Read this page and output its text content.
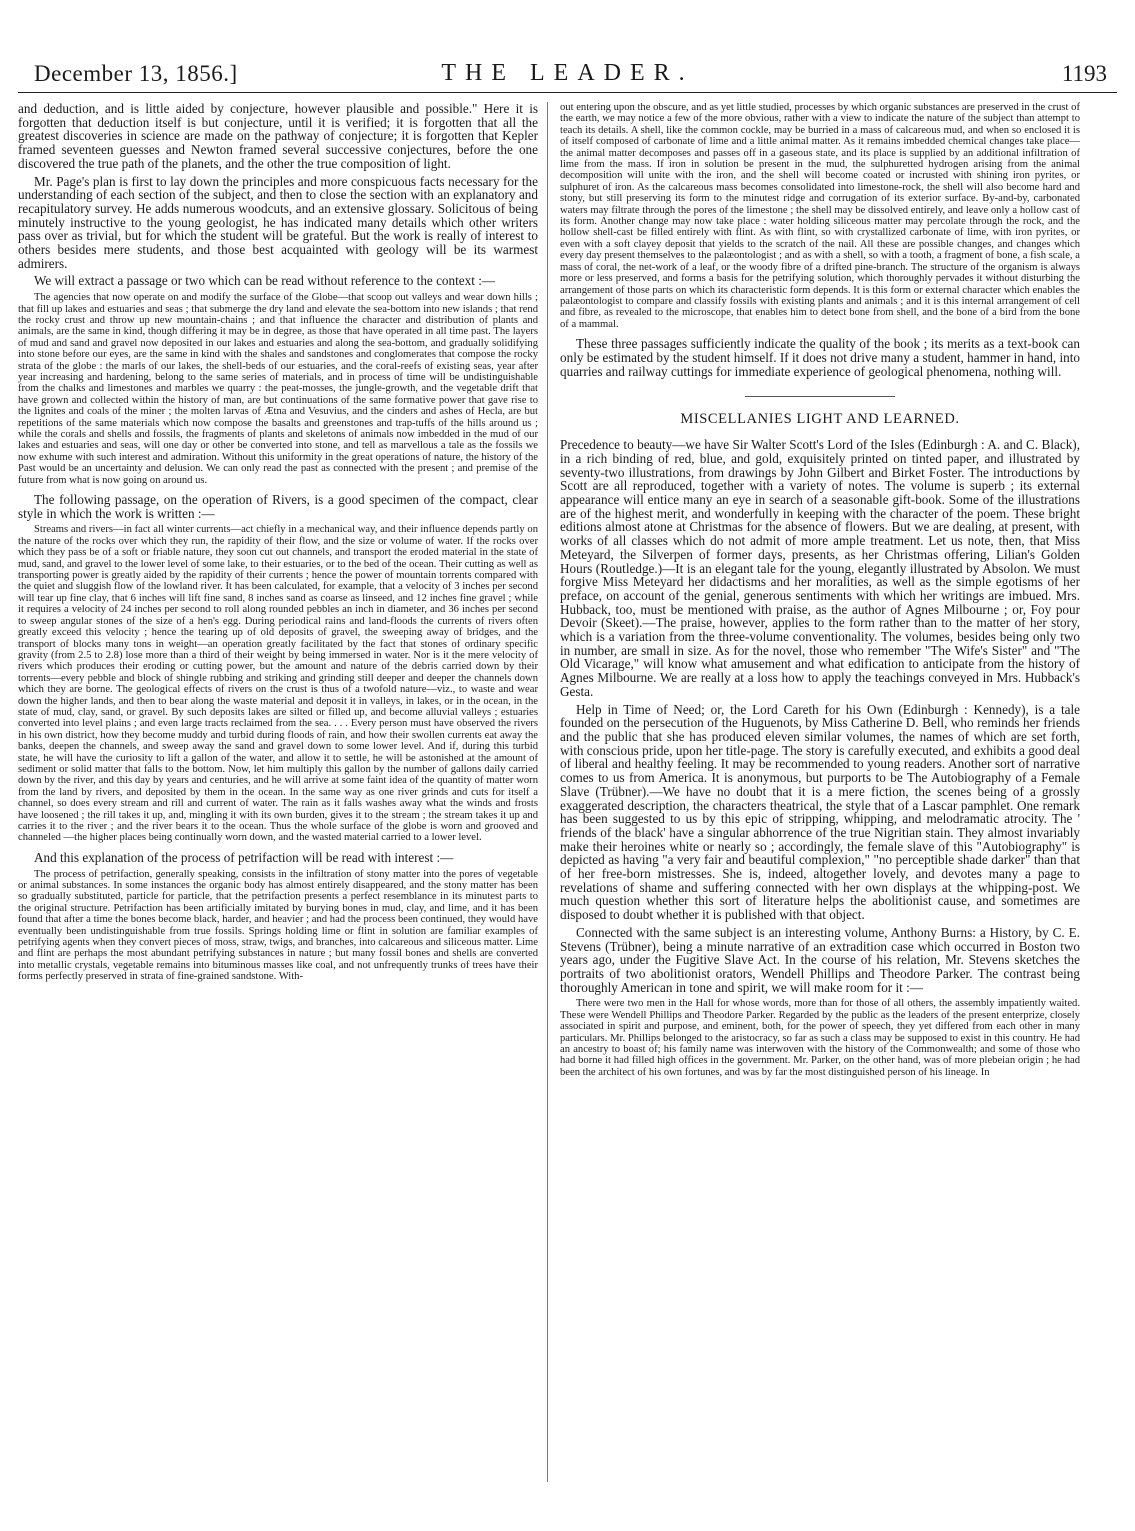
December 13, 1856.]	THE LEADER.	1193

and deduction, and is little aided by conjecture, however plausible and possible." Here it is forgotten that deduction itself is but conjecture, until it is verified; it is forgotten that all the greatest discoveries in science are made on the pathway of conjecture; it is forgotten that Kepler framed seventeen guesses and Newton framed several successive conjectures, before the one discovered the true path of the planets, and the other the true composition of light.

Mr. Page's plan is first to lay down the principles and more conspicuous facts necessary for the understanding of each section of the subject, and then to close the section with an explanatory and recapitulatory survey. He adds numerous woodcuts, and an extensive glossary. Solicitous of being minutely instructive to the young geologist, he has indicated many details which other writers pass over as trivial, but for which the student will be grateful. But the work is really of interest to others besides mere students, and those best acquainted with geology will be its warmest admirers.

We will extract a passage or two which can be read without reference to the context :—

The agencies that now operate on and modify the surface of the Globe—that scoop out valleys and wear down hills ; that fill up lakes and estuaries and seas ; that submerge the dry land and elevate the sea-bottom into new islands ; that rend the rocky crust and throw up new mountain-chains ; and that influence the character and distribution of plants and animals, are the same in kind, though differing it may be in degree, as those that have operated in all time past. The layers of mud and sand and gravel now deposited in our lakes and estuaries and along the sea-bottom, and gradually solidifying into stone before our eyes, are the same in kind with the shales and sandstones and conglomerates that compose the rocky strata of the globe : the marls of our lakes, the shell-beds of our estuaries, and the coral-reefs of existing seas, year after year increasing and hardening, belong to the same series of materials, and in process of time will be undistinguishable from the chalks and limestones and marbles we quarry : the peat-mosses, the jungle-growth, and the vegetable drift that have grown and collected within the history of man, are but continuations of the same formative power that gave rise to the lignites and coals of the miner ; the molten larvas of Ætna and Vesuvius, and the cinders and ashes of Hecla, are but repetitions of the same materials which now compose the basalts and greenstones and trap-tuffs of the hills around us ; while the corals and shells and fossils, the fragments of plants and skeletons of animals now imbedded in the mud of our lakes and estuaries and seas, will one day or other be converted into stone, and tell as marvellous a tale as the fossils we now exhume with such interest and admiration. Without this uniformity in the great operations of nature, the history of the Past would be an uncertainty and delusion. We can only read the past as connected with the present ; and premise of the future from what is now going on around us.

The following passage, on the operation of Rivers, is a good specimen of the compact, clear style in which the work is written :—

Streams and rivers—in fact all winter currents—act chiefly in a mechanical way, and their influence depends partly on the nature of the rocks over which they run, the rapidity of their flow, and the size or volume of water. If the rocks over which they pass be of a soft or friable nature, they soon cut out channels, and transport the eroded material in the state of mud, sand, and gravel to the lower level of some lake, to their estuaries, or to the bed of the ocean. Their cutting as well as transporting power is greatly aided by the rapidity of their currents ; hence the power of mountain torrents compared with the quiet and sluggish flow of the lowland river. It has been calculated, for example, that a velocity of 3 inches per second will tear up fine clay, that 6 inches will lift fine sand, 8 inches sand as coarse as linseed, and 12 inches fine gravel ; while it requires a velocity of 24 inches per second to roll along rounded pebbles an inch in diameter, and 36 inches per second to sweep angular stones of the size of a hen's egg. During periodical rains and land-floods the currents of rivers often greatly exceed this velocity ; hence the tearing up of old deposits of gravel, the sweeping away of bridges, and the transport of blocks many tons in weight—an operation greatly facilitated by the fact that stones of ordinary specific gravity (from 2.5 to 2.8) lose more than a third of their weight by being immersed in water. Nor is it the mere velocity of rivers which produces their eroding or cutting power, but the amount and nature of the debris carried down by their torrents—every pebble and block of shingle rubbing and striking and grinding still deeper and deeper the channels down which they are borne. The geological effects of rivers on the crust is thus of a twofold nature—viz., to waste and wear down the higher lands, and then to bear along the waste material and deposit it in valleys, in lakes, or in the ocean, in the state of mud, clay, sand, or gravel. By such deposits lakes are silted or filled up, and become alluvial valleys ; estuaries converted into level plains ; and even large tracts reclaimed from the sea. . . . Every person must have observed the rivers in his own district, how they become muddy and turbid during floods of rain, and how their swollen currents eat away the banks, deepen the channels, and sweep away the sand and gravel down to some lower level. And if, during this turbid state, he will have the curiosity to lift a gallon of the water, and allow it to settle, he will be astonished at the amount of sediment or solid matter that falls to the bottom. Now, let him multiply this gallon by the number of gallons daily carried down by the river, and this day by years and centuries, and he will arrive at some faint idea of the quantity of matter worn from the land by rivers, and deposited by them in the ocean. In the same way as one river grinds and cuts for itself a channel, so does every stream and rill and current of water. The rain as it falls washes away what the winds and frosts have loosened ; the rill takes it up, and, mingling it with its own burden, gives it to the stream ; the stream takes it up and carries it to the river ; and the river bears it to the ocean. Thus the whole surface of the globe is worn and grooved and channeled —the higher places being continually worn down, and the wasted material carried to a lower level.

And this explanation of the process of petrifaction will be read with interest :—

The process of petrifaction, generally speaking, consists in the infiltration of stony matter into the pores of vegetable or animal substances. In some instances the organic body has almost entirely disappeared, and the stony matter has been so gradually substituted, particle for particle, that the petrifaction presents a perfect resemblance in its minutest parts to the original structure. Petrifaction has been artificially imitated by burying bones in mud, clay, and lime, and it has been found that after a time the bones become black, harder, and heavier ; and had the process been continued, they would have eventually been undistinguishable from true fossils. Springs holding lime or flint in solution are familiar examples of petrifying agents when they convert pieces of moss, straw, twigs, and branches, into calcareous and siliceous matter. Lime and flint are perhaps the most abundant petrifying substances in nature ; but many fossil bones and shells are converted into metallic crystals, vegetable remains into bituminous masses like coal, and not unfrequently trunks of trees have their forms perfectly preserved in strata of fine-grained sandstone. With-

out entering upon the obscure, and as yet little studied, processes by which organic substances are preserved in the crust of the earth, we may notice a few of the more obvious, rather with a view to indicate the nature of the subject than attempt to teach its details. A shell, like the common cockle, may be burried in a mass of calcareous mud, and when so enclosed it is of itself composed of carbonate of lime and a little animal matter. As it remains imbedded chemical changes take place—the animal matter decomposes and passes off in a gaseous state, and its place is supplied by an additional infiltration of lime from the mass. If iron in solution be present in the mud, the sulphuretted hydrogen arising from the animal decomposition will unite with the iron, and the shell will become coated or incrusted with shining iron pyrites, or sulphuret of iron. As the calcareous mass becomes consolidated into limestone-rock, the shell will also become hard and stony, but still preserving its form to the minutest ridge and corrugation of its exterior surface. By-and-by, carbonated waters may filtrate through the pores of the limestone ; the shell may be dissolved entirely, and leave only a hollow cast of its form. Another change may now take place : water holding siliceous matter may percolate through the rock, and the hollow shell-cast be filled entirely with flint. As with flint, so with crystallized carbonate of lime, with iron pyrites, or even with a soft clayey deposit that yields to the scratch of the nail. All these are possible changes, and changes which every day present themselves to the palæontologist ; and as with a shell, so with a tooth, a fragment of bone, a fish scale, a mass of coral, the net-work of a leaf, or the woody fibre of a drifted pine-branch. The structure of the organism is always more or less preserved, and forms a basis for the petrifying solution, which thoroughly pervades it without disturbing the arrangement of those parts on which its characteristic form depends. It is this form or external character which enables the palæontologist to compare and classify fossils with existing plants and animals ; and it is this internal arrangement of cell and fibre, as revealed to the microscope, that enables him to detect bone from shell, and the bone of a bird from the bone of a mammal.

These three passages sufficiently indicate the quality of the book ; its merits as a text-book can only be estimated by the student himself. If it does not drive many a student, hammer in hand, into quarries and railway cuttings for immediate experience of geological phenomena, nothing will.

MISCELLANIES LIGHT AND LEARNED.

Precedence to beauty—we have Sir Walter Scott's Lord of the Isles (Edinburgh : A. and C. Black), in a rich binding of red, blue, and gold, exquisitely printed on tinted paper, and illustrated by seventy-two illustrations, from drawings by John Gilbert and Birket Foster. The introductions by Scott are all reproduced, together with a variety of notes. The volume is superb ; its external appearance will entice many an eye in search of a seasonable gift-book. Some of the illustrations are of the highest merit, and wonderfully in keeping with the character of the poem. These bright editions almost atone at Christmas for the absence of flowers. But we are dealing, at present, with works of all classes which do not admit of more ample treatment. Let us note, then, that Miss Meteyard, the Silverpen of former days, presents, as her Christmas offering, Lilian's Golden Hours (Routledge.)—It is an elegant tale for the young, elegantly illustrated by Absolon. We must forgive Miss Meteyard her didactisms and her moralities, as well as the simple egotisms of her preface, on account of the genial, generous sentiments with which her writings are imbued. Mrs. Hubback, too, must be mentioned with praise, as the author of Agnes Milbourne ; or, Foy pour Devoir (Skeet).—The praise, however, applies to the form rather than to the matter of her story, which is a variation from the three-volume conventionality. The volumes, besides being only two in number, are small in size. As for the novel, those who remember "The Wife's Sister" and "The Old Vicarage," will know what amusement and what edification to anticipate from the history of Agnes Milbourne. We are really at a loss how to apply the teachings conveyed in Mrs. Hubback's Gesta.

Help in Time of Need; or, the Lord Careth for his Own (Edinburgh : Kennedy), is a tale founded on the persecution of the Huguenots, by Miss Catherine D. Bell, who reminds her friends and the public that she has produced eleven similar volumes, the names of which are set forth, with conscious pride, upon her title-page. The story is carefully executed, and exhibits a good deal of liberal and healthy feeling. It may be recommended to young readers. Another sort of narrative comes to us from America. It is anonymous, but purports to be The Autobiography of a Female Slave (Trübner).—We have no doubt that it is a mere fiction, the scenes being of a grossly exaggerated description, the characters theatrical, the style that of a Lascar pamphlet. One remark has been suggested to us by this epic of stripping, whipping, and melodramatic atrocity. The ' friends of the black' have a singular abhorrence of the true Nigritian stain. They almost invariably make their heroines white or nearly so ; accordingly, the female slave of this "Autobiography" is depicted as having "a very fair and beautiful complexion," "no perceptible shade darker" than that of her free-born mistresses. She is, indeed, altogether lovely, and devotes many a page to revelations of shame and suffering connected with her own displays at the whipping-post. We much question whether this sort of literature helps the abolitionist cause, and sometimes are disposed to doubt whether it is published with that object.

Connected with the same subject is an interesting volume, Anthony Burns: a History, by C. E. Stevens (Trübner), being a minute narrative of an extradition case which occurred in Boston two years ago, under the Fugitive Slave Act. In the course of his relation, Mr. Stevens sketches the portraits of two abolitionist orators, Wendell Phillips and Theodore Parker. The contrast being thoroughly American in tone and spirit, we will make room for it :—

There were two men in the Hall for whose words, more than for those of all others, the assembly impatiently waited. These were Wendell Phillips and Theodore Parker. Regarded by the public as the leaders of the present enterprize, closely associated in spirit and purpose, and eminent, both, for the power of speech, they yet differed from each other in many particulars. Mr. Phillips belonged to the aristocracy, so far as such a class may be supposed to exist in this country. He had an ancestry to boast of; his family name was interwoven with the history of the Commonwealth; and some of those who had borne it had filled high offices in the government. Mr. Parker, on the other hand, was of more plebeian origin ; he had been the architect of his own fortunes, and was by far the most distinguished person of his lineage. In
